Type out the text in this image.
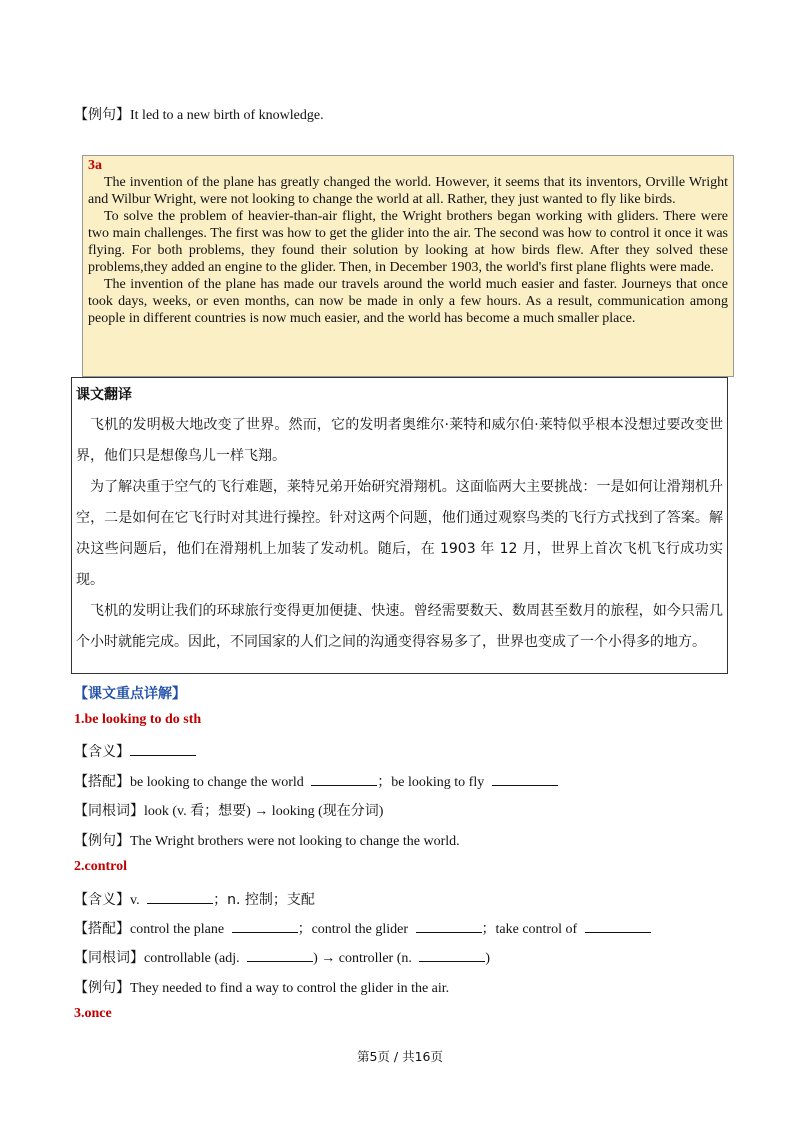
【例句】It led to a new birth of knowledge.
3a
The invention of the plane has greatly changed the world. However, it seems that its inventors, Orville Wright and Wilbur Wright, were not looking to change the world at all. Rather, they just wanted to fly like birds.
To solve the problem of heavier-than-air flight, the Wright brothers began working with gliders. There were two main challenges. The first was how to get the glider into the air. The second was how to control it once it was flying. For both problems, they found their solution by looking at how birds flew. After they solved these problems,they added an engine to the glider. Then, in December 1903, the world's first plane flights were made.
The invention of the plane has made our travels around the world much easier and faster. Journeys that once took days, weeks, or even months, can now be made in only a few hours. As a result, communication among people in different countries is now much easier, and the world has become a much smaller place.
课文翻译
飞机的发明极大地改变了世界。然而，它的发明者奥维尔·莱特和威尔伯·莱特似乎根本没想过要改变世界，他们只是想像鸟儿一样飞翔。
为了解决重于空气的飞行难题，莱特兄弟开始研究滑翔机。这面临两大主要挑战：一是如何让滑翔机升空，二是如何在它飞行时对其进行操控。针对这两个问题，他们通过观察鸟类的飞行方式找到了答案。解决这些问题后，他们在滑翔机上加装了发动机。随后，在 1903 年 12 月，世界上首次飞机飞行成功实现。
飞机的发明让我们的环球旅行变得更加便捷、快速。曾经需要数天、数周甚至数月的旅程，如今只需几个小时就能完成。因此，不同国家的人们之间的沟通变得容易多了，世界也变成了一个小得多的地方。
【课文重点详解】
1.be looking to do sth
【含义】
【搭配】be looking to change the world	；be looking to fly
【同根词】look (v. 看；想要) → looking (现在分词)
【例句】The Wright brothers were not looking to change the world.
2.control
【含义】v.	；n. 控制；支配
【搭配】control the plane	；control the glider	；take control of
【同根词】controllable (adj.	) → controller (n.	)
【例句】They needed to find a way to control the glider in the air.
3.once
第5页 / 共16页
